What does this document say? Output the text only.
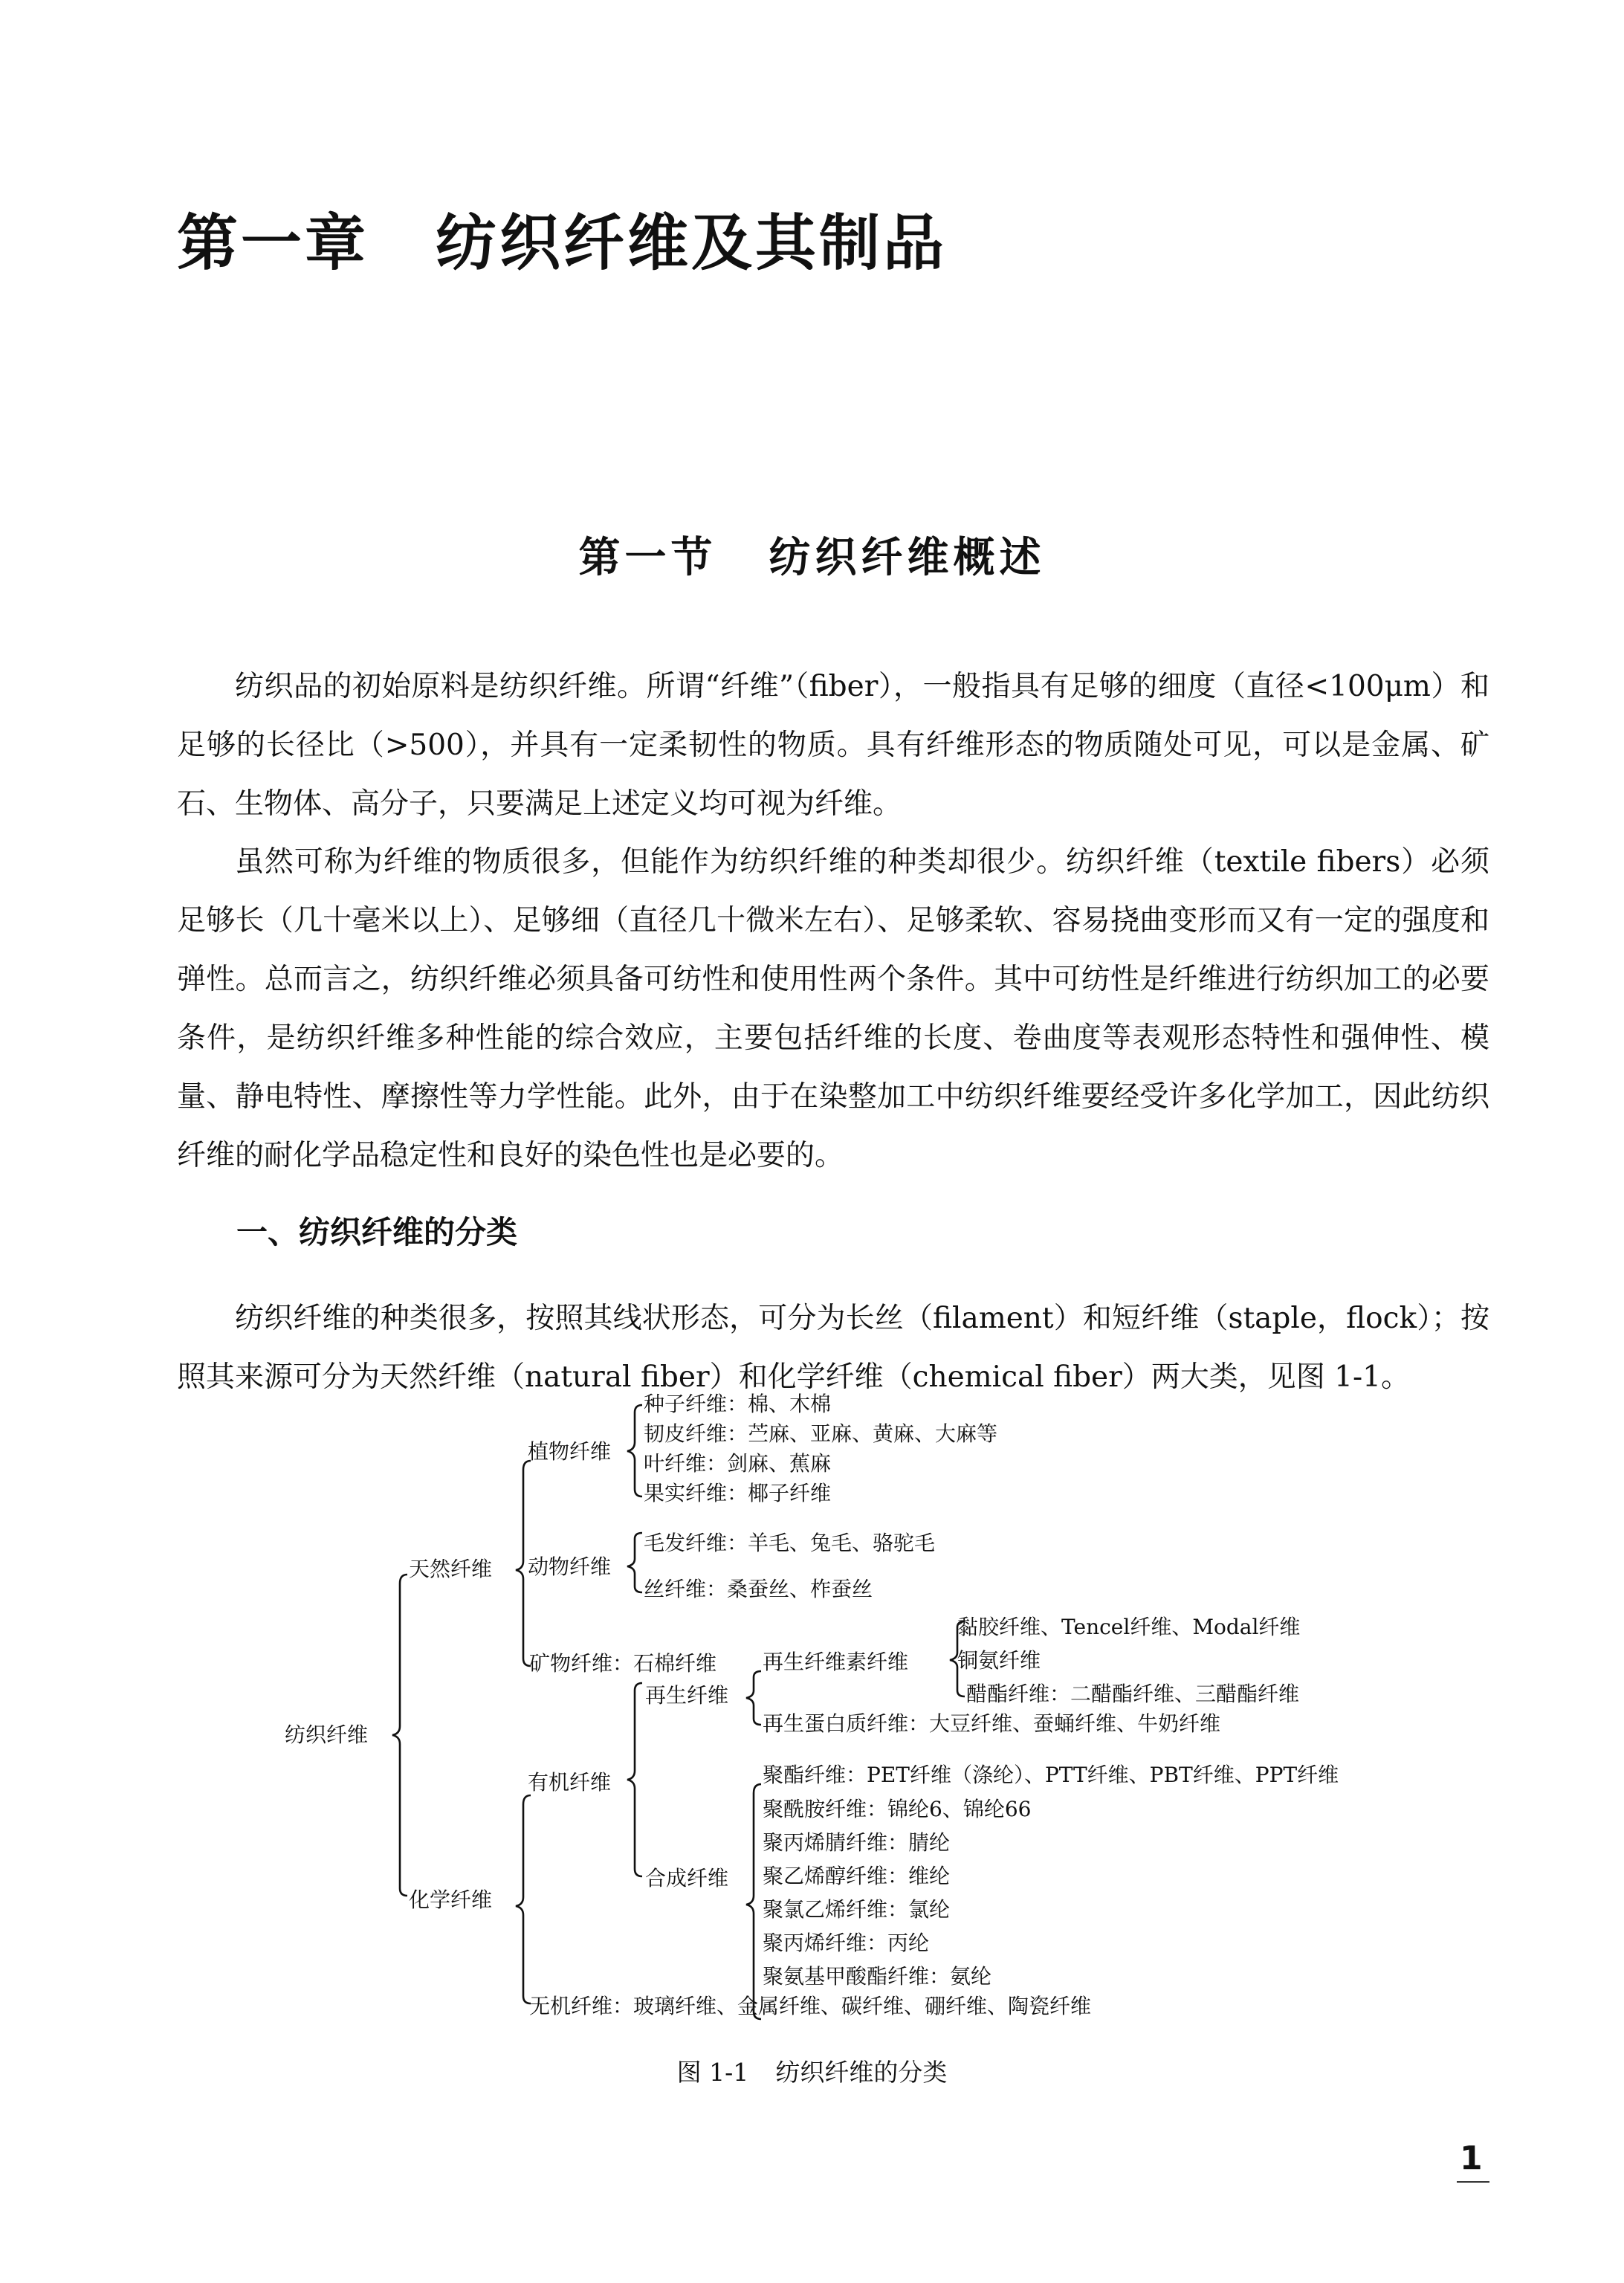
第一章 纺织纤维及其制品
第一节 纺织纤维概述

纺织品的初始原料是纺织纤维。所谓“纤维”（fiber），一般指具有足够的细度（直径<100μm）和足够的长径比（>500），并具有一定柔韧性的物质。具有纤维形态的物质随处可见，可以是金属、矿石、生物体、高分子，只要满足上述定义均可视为纤维。

虽然可称为纤维的物质很多，但能作为纺织纤维的种类却很少。纺织纤维（textile fibers）必须足够长（几十毫米以上）、足够细（直径几十微米左右）、足够柔软、容易挠曲变形而又有一定的强度和弹性。总而言之，纺织纤维必须具备可纺性和使用性两个条件。其中可纺性是纤维进行纺织加工的必要条件，是纺织纤维多种性能的综合效应，主要包括纤维的长度、卷曲度等表观形态特性和强伸性、模量、静电特性、摩擦性等力学性能。此外，由于在染整加工中纺织纤维要经受许多化学加工，因此纺织纤维的耐化学品稳定性和良好的染色性也是必要的。

一、纺织纤维的分类

纺织纤维的种类很多，按照其线状形态，可分为长丝（filament）和短纤维（staple，flock）；按照其来源可分为天然纤维（natural fiber）和化学纤维（chemical fiber）两大类，见图 1-1。

纺织纤维
天然纤维
化学纤维
植物纤维
种子纤维：棉、木棉
韧皮纤维：苎麻、亚麻、黄麻、大麻等
叶纤维：剑麻、蕉麻
果实纤维：椰子纤维
动物纤维
毛发纤维：羊毛、兔毛、骆驼毛
丝纤维：桑蚕丝、柞蚕丝
矿物纤维：石棉纤维
有机纤维
再生纤维
再生纤维素纤维
黏胶纤维、Tencel纤维、Modal纤维
铜氨纤维
醋酯纤维：二醋酯纤维、三醋酯纤维
再生蛋白质纤维：大豆纤维、蚕蛹纤维、牛奶纤维
合成纤维
聚酯纤维：PET纤维（涤纶）、PTT纤维、PBT纤维、PPT纤维
聚酰胺纤维：锦纶6、锦纶66
聚丙烯腈纤维：腈纶
聚乙烯醇纤维：维纶
聚氯乙烯纤维：氯纶
聚丙烯纤维：丙纶
聚氨基甲酸酯纤维：氨纶
无机纤维：玻璃纤维、金属纤维、碳纤维、硼纤维、陶瓷纤维
图 1-1 纺织纤维的分类
1
